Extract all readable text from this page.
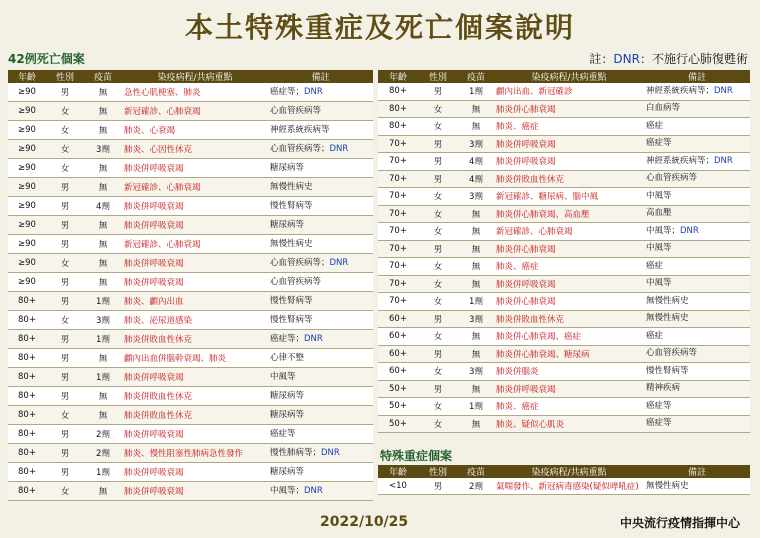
本土特殊重症及死亡個案說明
42例死亡個案	註：DNR：不施行心肺復甦術
年齡	性別	疫苗	染疫病程/共病重點	備註
≥90	男	無	急性心肌梗塞、肺炎	癌症等；DNR
≥90	女	無	新冠確診、心肺衰竭	心血管疾病等
≥90	女	無	肺炎、心衰竭	神經系統疾病等
≥90	女	3劑	肺炎、心因性休克	心血管疾病等；DNR
≥90	女	無	肺炎併呼吸衰竭	糖尿病等
≥90	男	無	新冠確診、心肺衰竭	無慢性病史
≥90	男	4劑	肺炎併呼吸衰竭	慢性腎病等
≥90	男	無	肺炎併呼吸衰竭	糖尿病等
≥90	男	無	新冠確診、心肺衰竭	無慢性病史
≥90	女	無	肺炎併呼吸衰竭	心血管疾病等；DNR
≥90	男	無	肺炎併呼吸衰竭	心血管疾病等
80+	男	1劑	肺炎、顱內出血	慢性腎病等
80+	女	3劑	肺炎、泌尿道感染	慢性腎病等
80+	男	1劑	肺炎併敗血性休克	癌症等；DNR
80+	男	無	顱內出血併腦幹衰竭、肺炎	心律不整
80+	男	1劑	肺炎併呼吸衰竭	中風等
80+	男	無	肺炎併敗血性休克	糖尿病等
80+	女	無	肺炎併敗血性休克	糖尿病等
80+	男	2劑	肺炎併呼吸衰竭	癌症等
80+	男	2劑	肺炎、慢性阻塞性肺病急性發作	慢性肺病等；DNR
80+	男	1劑	肺炎併呼吸衰竭	糖尿病等
80+	女	無	肺炎併呼吸衰竭	中風等；DNR
年齡	性別	疫苗	染疫病程/共病重點	備註
80+	男	1劑	顱內出血、新冠確診	神經系統疾病等；DNR
80+	女	無	肺炎併心肺衰竭	白血病等
80+	女	無	肺炎、癌症	癌症
70+	男	3劑	肺炎併呼吸衰竭	癌症等
70+	男	4劑	肺炎併呼吸衰竭	神經系統疾病等；DNR
70+	男	4劑	肺炎併敗血性休克	心血管疾病等
70+	女	3劑	新冠確診、糖尿病、腦中風	中風等
70+	女	無	肺炎併心肺衰竭、高血壓	高血壓
70+	女	無	新冠確診、心肺衰竭	中風等；DNR
70+	男	無	肺炎併心肺衰竭	中風等
70+	女	無	肺炎、癌症	癌症
70+	女	無	肺炎併呼吸衰竭	中風等
70+	女	1劑	肺炎併心肺衰竭	無慢性病史
60+	男	3劑	肺炎併敗血性休克	無慢性病史
60+	女	無	肺炎併心肺衰竭、癌症	癌症
60+	男	無	肺炎併心肺衰竭、糖尿病	心血管疾病等
60+	女	3劑	肺炎併腦炎	慢性腎病等
50+	男	無	肺炎併呼吸衰竭	精神疾病
50+	女	1劑	肺炎、癌症	癌症等
50+	女	無	肺炎、疑似心肌炎	癌症等
特殊重症個案
年齡	性別	疫苗	染疫病程/共病重點	備註
<10	男	2劑	氣喘發作、新冠病毒感染(疑似哮吼症)	無慢性病史
2022/10/25	中央流行疫情指揮中心
